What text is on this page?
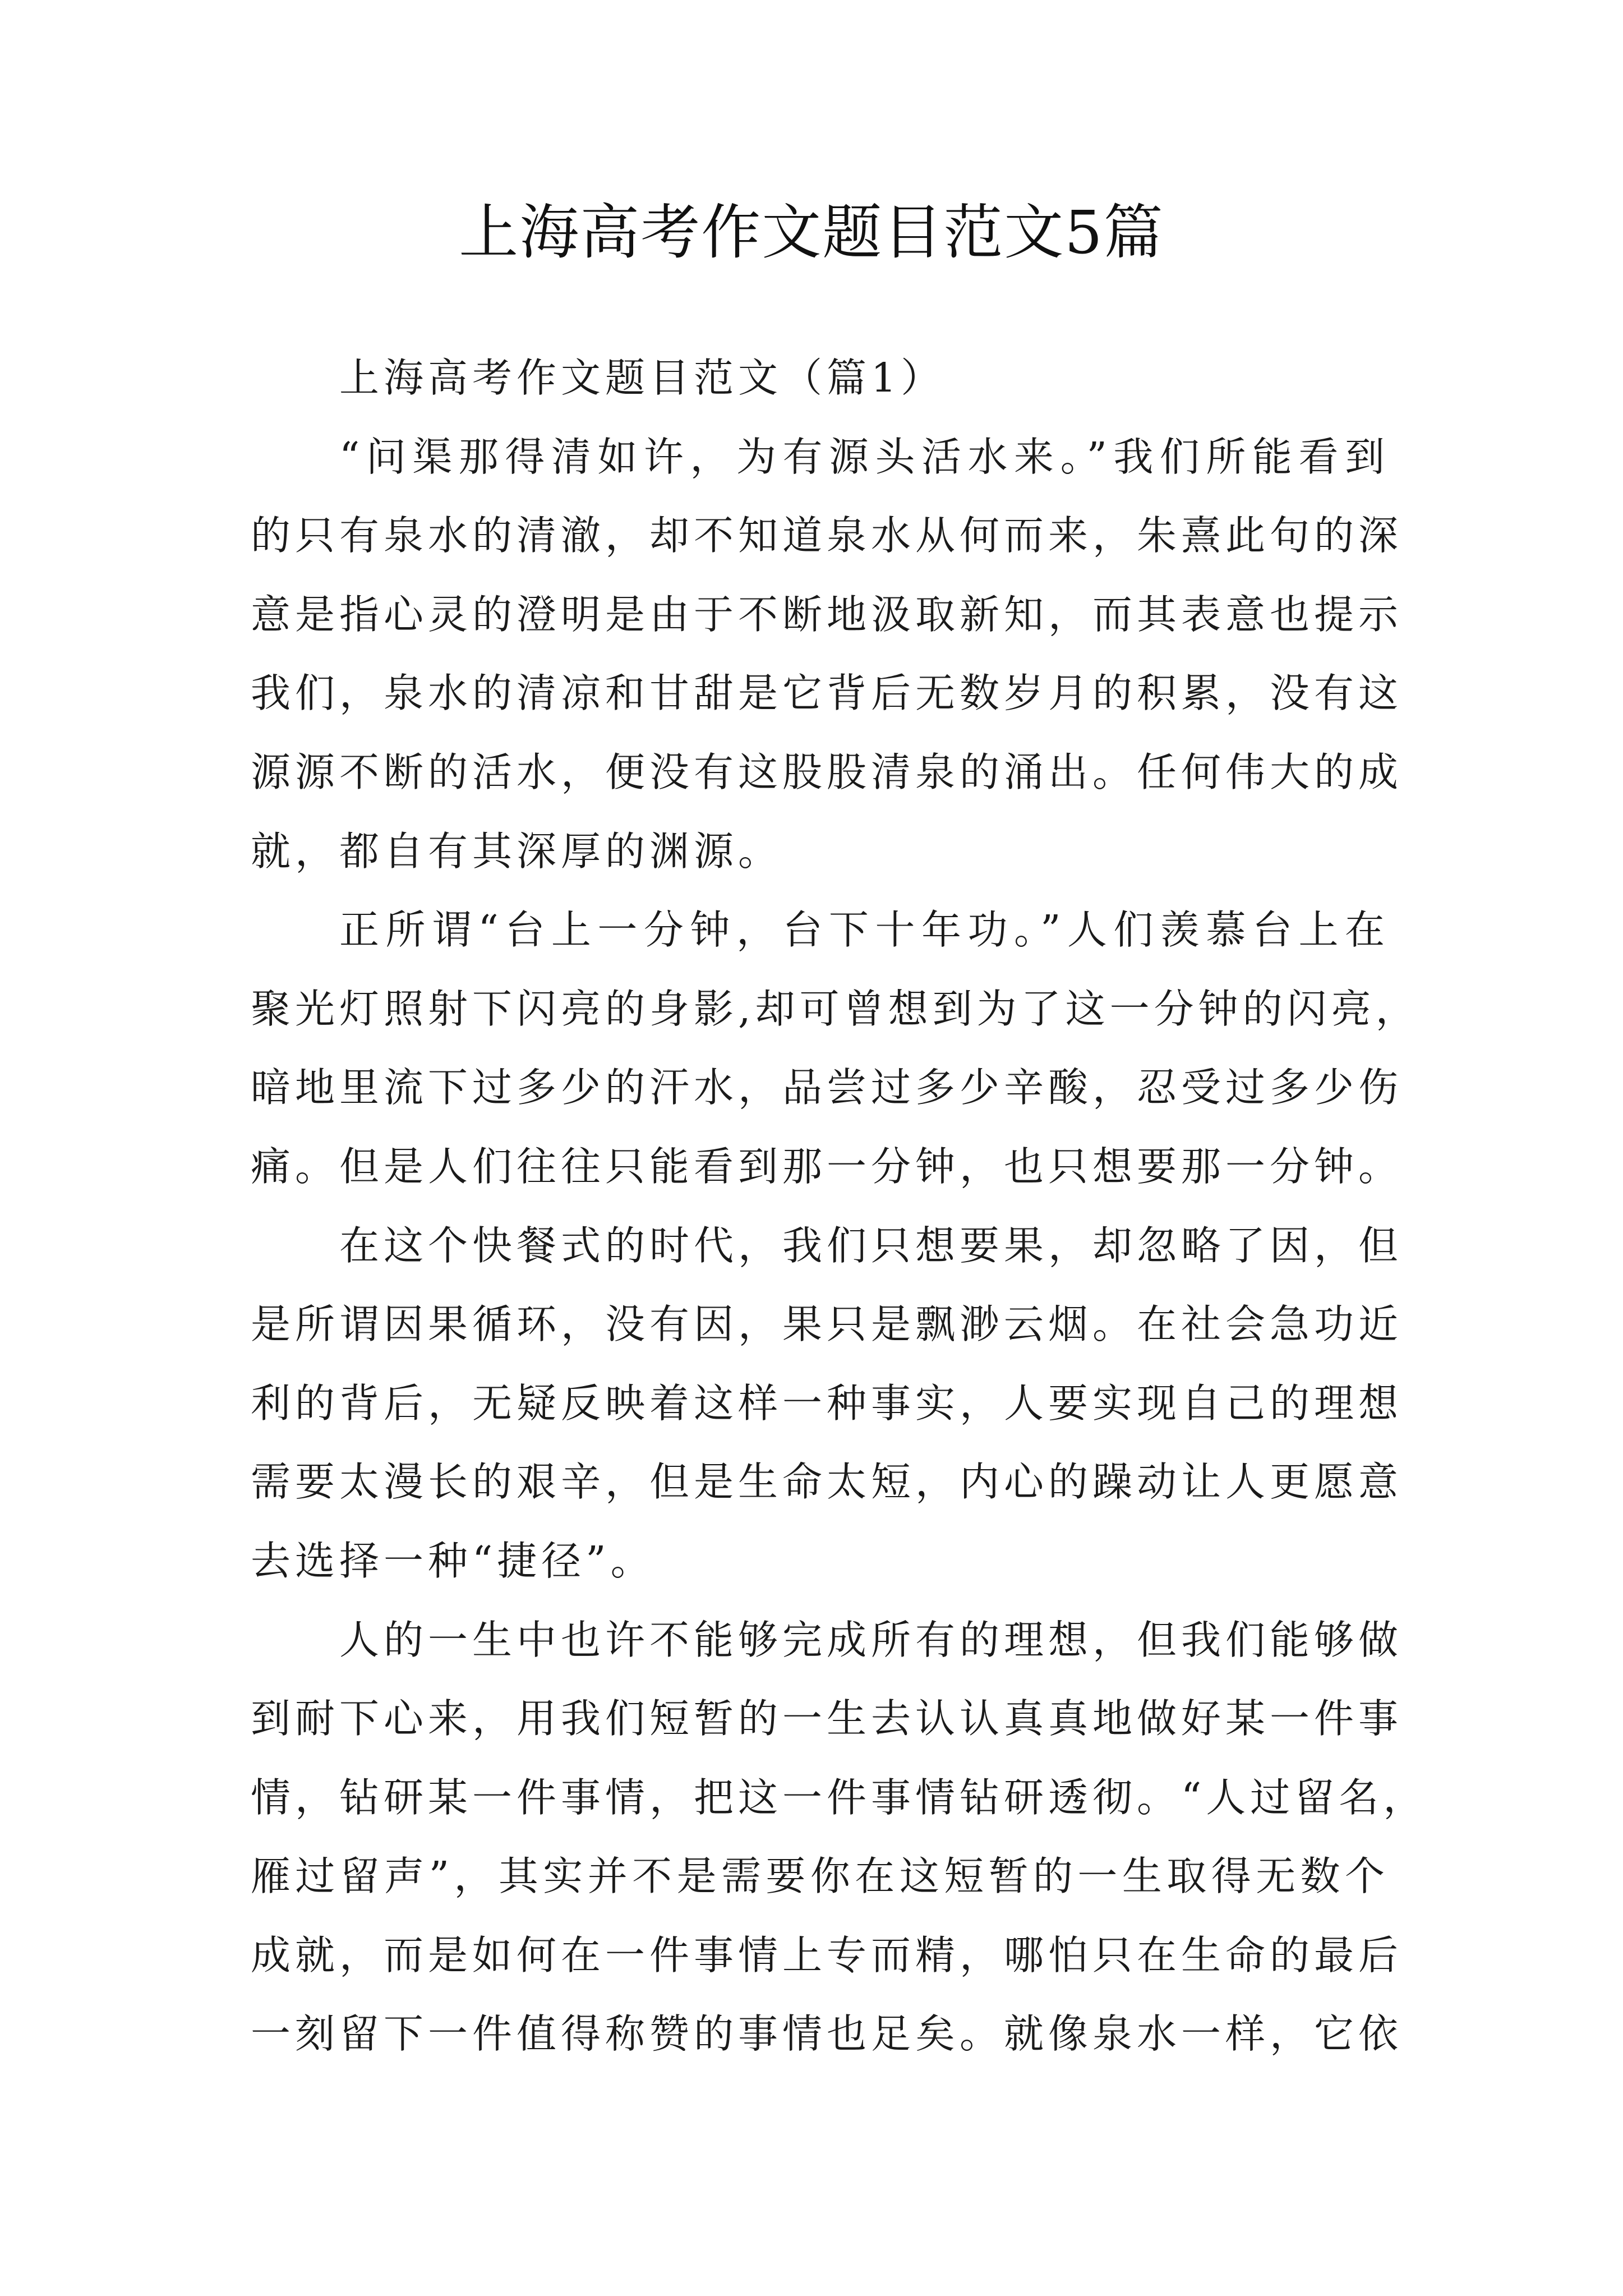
上海高考作文题目范文5篇
上海高考作文题目范文（篇1）
“问渠那得清如许，为有源头活水来。”我们所能看到
的只有泉水的清澈，却不知道泉水从何而来，朱熹此句的深
意是指心灵的澄明是由于不断地汲取新知，而其表意也提示
我们，泉水的清凉和甘甜是它背后无数岁月的积累，没有这
源源不断的活水，便没有这股股清泉的涌出。任何伟大的成
就，都自有其深厚的渊源。
正所谓“台上一分钟，台下十年功。”人们羡慕台上在
聚光灯照射下闪亮的身影,却可曾想到为了这一分钟的闪亮，
暗地里流下过多少的汗水，品尝过多少辛酸，忍受过多少伤
痛。但是人们往往只能看到那一分钟，也只想要那一分钟。
在这个快餐式的时代，我们只想要果，却忽略了因，但
是所谓因果循环，没有因，果只是飘渺云烟。在社会急功近
利的背后，无疑反映着这样一种事实，人要实现自己的理想
需要太漫长的艰辛，但是生命太短，内心的躁动让人更愿意
去选择一种“捷径”。
人的一生中也许不能够完成所有的理想，但我们能够做
到耐下心来，用我们短暂的一生去认认真真地做好某一件事
情，钻研某一件事情，把这一件事情钻研透彻。“人过留名，
雁过留声”，其实并不是需要你在这短暂的一生取得无数个
成就，而是如何在一件事情上专而精，哪怕只在生命的最后
一刻留下一件值得称赞的事情也足矣。就像泉水一样，它依
